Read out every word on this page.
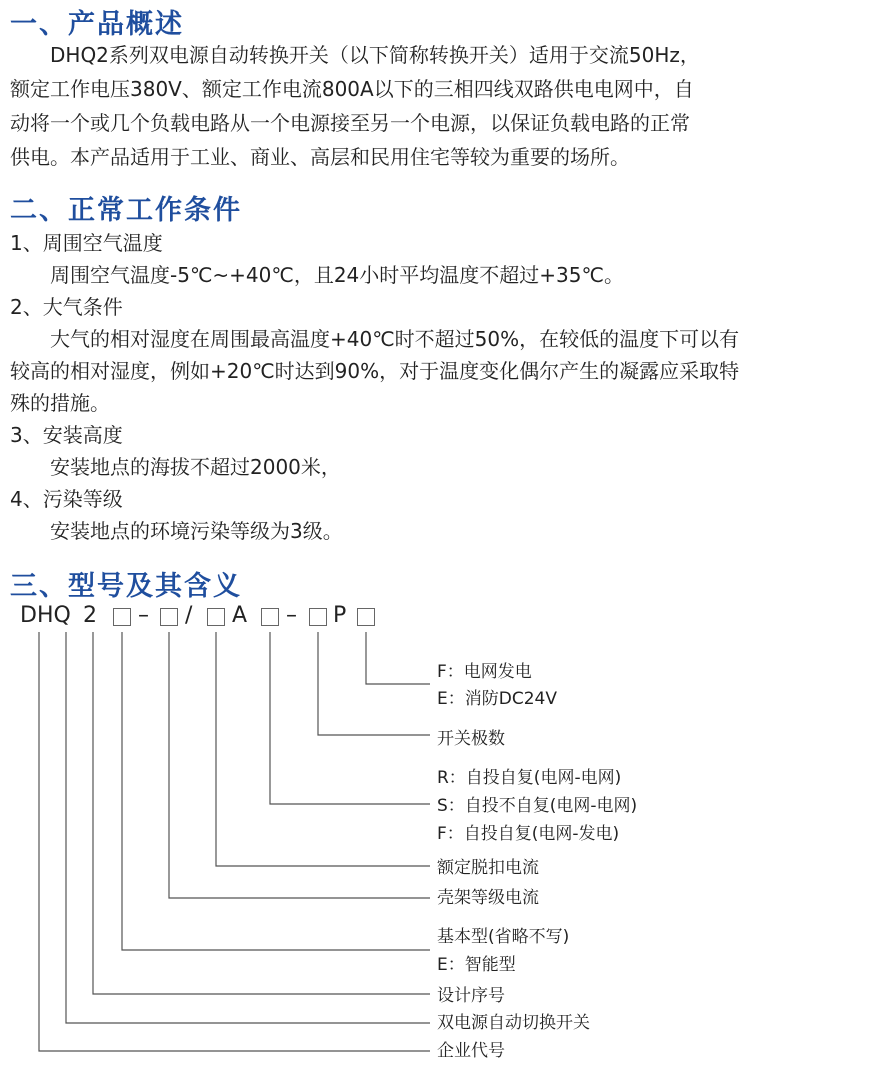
一、产品概述

　　DHQ2系列双电源自动转换开关（以下简称转换开关）适用于交流50Hz，

额定工作电压380V、额定工作电流800A以下的三相四线双路供电电网中，自

动将一个或几个负载电路从一个电源接至另一个电源，以保证负载电路的正常

供电。本产品适用于工业、商业、高层和民用住宅等较为重要的场所。

二、正常工作条件

1、周围空气温度

　　周围空气温度-5℃~+40℃，且24小时平均温度不超过+35℃。

2、大气条件

　　大气的相对湿度在周围最高温度+40℃时不超过50%，在较低的温度下可以有

较高的相对湿度，例如+20℃时达到90%，对于温度变化偶尔产生的凝露应采取特

殊的措施。

3、安装高度

　　安装地点的海拔不超过2000米，

4、污染等级

　　安装地点的环境污染等级为3级。

三、型号及其含义
DHQ 2 – / A – P
F：电网发电
E：消防DC24V
开关极数
R：自投自复(电网-电网)
S：自投不自复(电网-电网)
F：自投自复(电网-发电)
额定脱扣电流
壳架等级电流
基本型(省略不写)
E：智能型
设计序号
双电源自动切换开关
企业代号
